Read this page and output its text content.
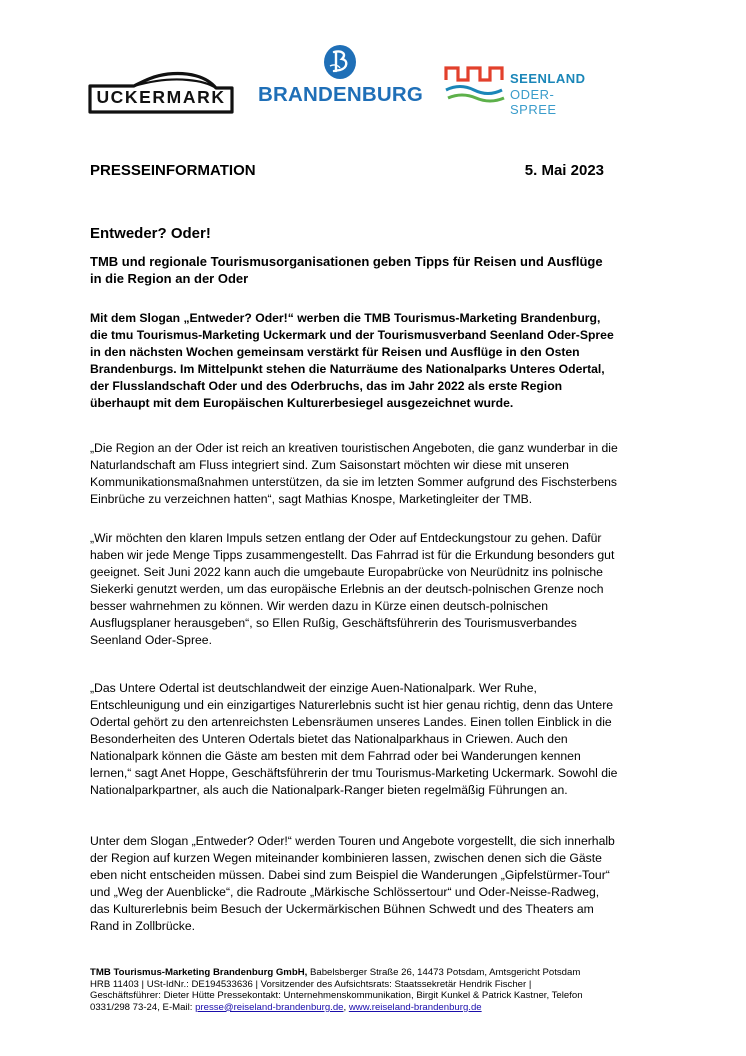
UCKERMARK BRANDENBURG
SEENLAND
ODER-SPREE
PRESSEINFORMATION	5. Mai 2023
Entweder? Oder!
TMB und regionale Tourismusorganisationen geben Tipps für Reisen und Ausflüge in die Region an der Oder
Mit dem Slogan „Entweder? Oder!“ werben die TMB Tourismus-Marketing Brandenburg, die tmu Tourismus-Marketing Uckermark und der Tourismusverband Seenland Oder-Spree in den nächsten Wochen gemeinsam verstärkt für Reisen und Ausflüge in den Osten Brandenburgs. Im Mittelpunkt stehen die Naturräume des Nationalparks Unteres Odertal, der Flusslandschaft Oder und des Oderbruchs, das im Jahr 2022 als erste Region überhaupt mit dem Europäischen Kulturerbesiegel ausgezeichnet wurde.
„Die Region an der Oder ist reich an kreativen touristischen Angeboten, die ganz wunderbar in die Naturlandschaft am Fluss integriert sind. Zum Saisonstart möchten wir diese mit unseren Kommunikationsmaßnahmen unterstützen, da sie im letzten Sommer aufgrund des Fischsterbens Einbrüche zu verzeichnen hatten“, sagt Mathias Knospe, Marketingleiter der TMB.
„Wir möchten den klaren Impuls setzen entlang der Oder auf Entdeckungstour zu gehen. Dafür haben wir jede Menge Tipps zusammengestellt. Das Fahrrad ist für die Erkundung besonders gut geeignet. Seit Juni 2022 kann auch die umgebaute Europabrücke von Neurüdnitz ins polnische Siekerki genutzt werden, um das europäische Erlebnis an der deutsch-polnischen Grenze noch besser wahrnehmen zu können. Wir werden dazu in Kürze einen deutsch-polnischen Ausflugsplaner herausgeben“, so Ellen Rußig, Geschäftsführerin des Tourismusverbandes Seenland Oder-Spree.
„Das Untere Odertal ist deutschlandweit der einzige Auen-Nationalpark. Wer Ruhe, Entschleunigung und ein einzigartiges Naturerlebnis sucht ist hier genau richtig, denn das Untere Odertal gehört zu den artenreichsten Lebensräumen unseres Landes. Einen tollen Einblick in die Besonderheiten des Unteren Odertals bietet das Nationalparkhaus in Criewen. Auch den Nationalpark können die Gäste am besten mit dem Fahrrad oder bei Wanderungen kennen lernen,“ sagt Anet Hoppe, Geschäftsführerin der tmu Tourismus-Marketing Uckermark. Sowohl die Nationalparkpartner, als auch die Nationalpark-Ranger bieten regelmäßig Führungen an.
Unter dem Slogan „Entweder? Oder!“ werden Touren und Angebote vorgestellt, die sich innerhalb der Region auf kurzen Wegen miteinander kombinieren lassen, zwischen denen sich die Gäste eben nicht entscheiden müssen. Dabei sind zum Beispiel die Wanderungen „Gipfelstürmer-Tour“ und „Weg der Auenblicke“, die Radroute „Märkische Schlössertour“ und Oder-Neisse-Radweg, das Kulturerlebnis beim Besuch der Uckermärkischen Bühnen Schwedt und des Theaters am Rand in Zollbrücke.
TMB Tourismus-Marketing Brandenburg GmbH, Babelsberger Straße 26, 14473 Potsdam, Amtsgericht Potsdam HRB 11403 | USt-IdNr.: DE194533636 | Vorsitzender des Aufsichtsrats: Staatssekretär Hendrik Fischer | Geschäftsführer: Dieter Hütte Pressekontakt: Unternehmenskommunikation, Birgit Kunkel & Patrick Kastner, Telefon 0331/298 73-24, E-Mail: presse@reiseland-brandenburg.de, www.reiseland-brandenburg.de
